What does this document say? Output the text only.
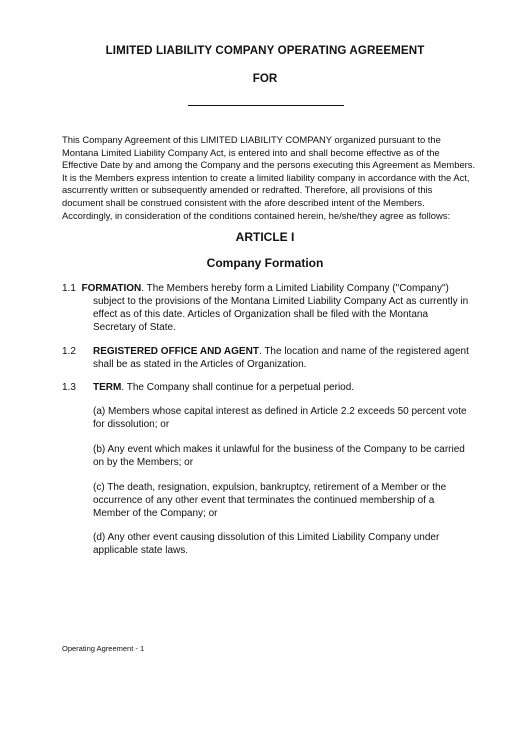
LIMITED LIABILITY COMPANY OPERATING AGREEMENT
FOR

This Company Agreement of this LIMITED LIABILITY COMPANY organized pursuant to the Montana Limited Liability Company Act, is entered into and shall become effective as of the Effective Date by and among the Company and the persons executing this Agreement as Members. It is the Members express intention to create a limited liability company in accordance with the Act, ascurrently written or subsequently amended or redrafted. Therefore, all provisions of this document shall be construed consistent with the afore described intent of the Members. Accordingly, in consideration of the conditions contained herein, he/she/they agree as follows:

ARTICLE I
Company Formation
1.1 FORMATION. The Members hereby form a Limited Liability Company ("Company")
subject to the provisions of the Montana Limited Liability Company Act as currently in effect as of this date. Articles of Organization shall be filed with the Montana Secretary of State.
1.2	REGISTERED OFFICE AND AGENT. The location and name of the registered agent shall be as stated in the Articles of Organization.
1.3	TERM. The Company shall continue for a perpetual period.

(a) Members whose capital interest as defined in Article 2.2 exceeds 50 percent vote for dissolution; or

(b) Any event which makes it unlawful for the business of the Company to be carried on by the Members; or

(c) The death, resignation, expulsion, bankruptcy, retirement of a Member or the occurrence of any other event that terminates the continued membership of a Member of the Company; or

(d) Any other event causing dissolution of this Limited Liability Company under applicable state laws.

Operating Agreement - 1
